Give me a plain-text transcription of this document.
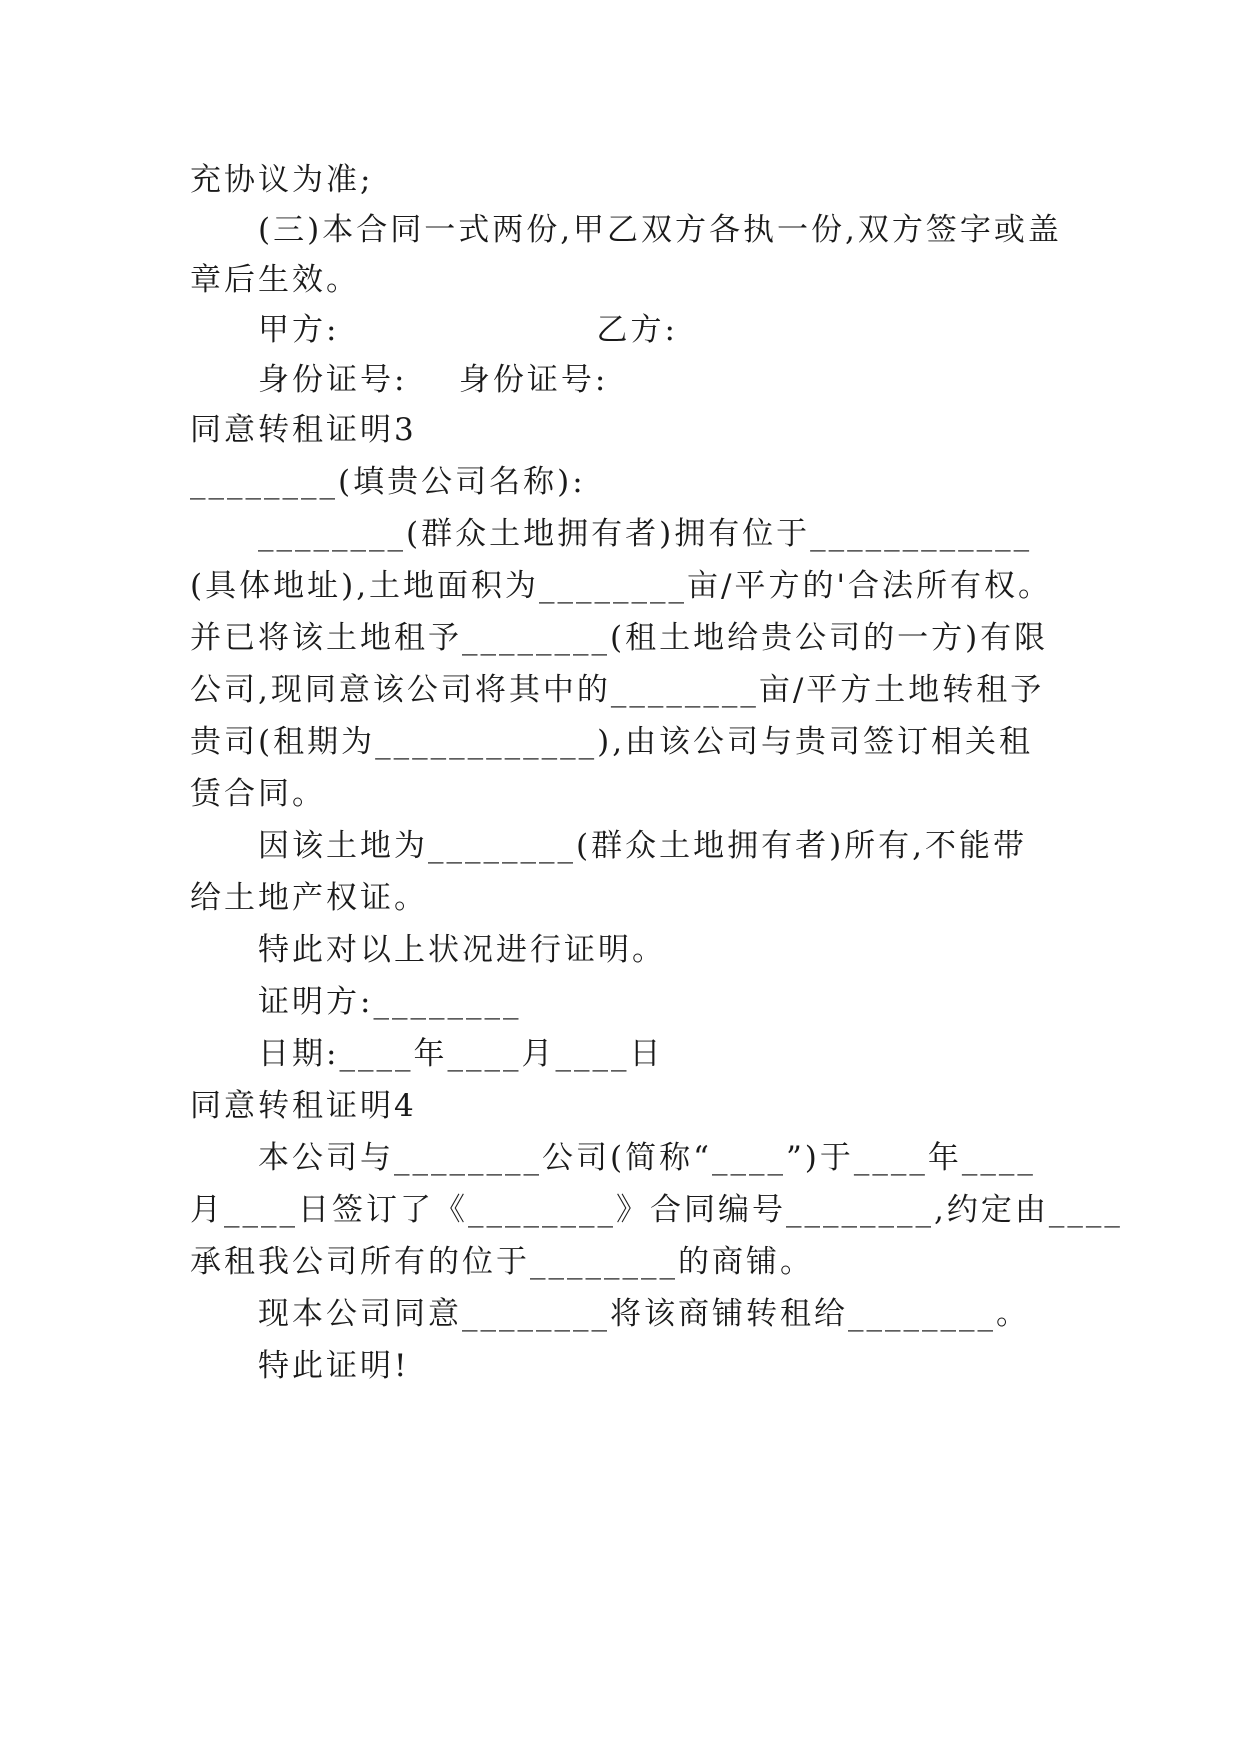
充协议为准;
(三)本合同一式两份,甲乙双方各执一份,双方签字或盖
章后生效。
甲方:                    乙方:
身份证号:    身份证号:
同意转租证明3
________(填贵公司名称):
________(群众土地拥有者)拥有位于____________
(具体地址),土地面积为________亩/平方的'合法所有权。
并已将该土地租予________(租土地给贵公司的一方)有限
公司,现同意该公司将其中的________亩/平方土地转租予
贵司(租期为____________),由该公司与贵司签订相关租
赁合同。
因该土地为________(群众土地拥有者)所有,不能带
给土地产权证。
特此对以上状况进行证明。
证明方:________
日期:____年____月____日
同意转租证明4
本公司与________公司(简称“____”)于____年____
月____日签订了《________》合同编号________,约定由____
承租我公司所有的位于________的商铺。
现本公司同意________将该商铺转租给________。
特此证明!
